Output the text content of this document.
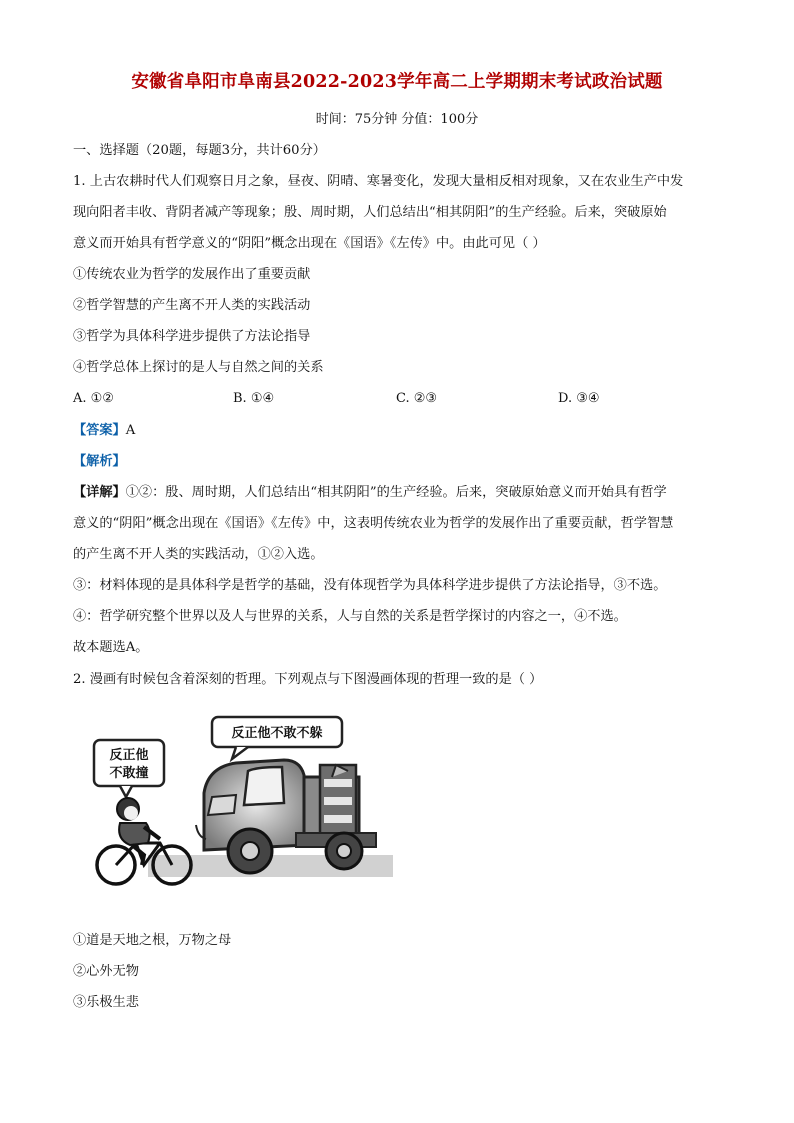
安徽省阜阳市阜南县2022-2023学年高二上学期期末考试政治试题
时间：75分钟 分值：100分
一、选择题（20题，每题3分，共计60分）
1. 上古农耕时代人们观察日月之象，昼夜、阴晴、寒暑变化，发现大量相反相对现象，又在农业生产中发
现向阳者丰收、背阴者减产等现象；殷、周时期，人们总结出“相其阴阳”的生产经验。后来，突破原始
意义而开始具有哲学意义的“阴阳”概念出现在《国语》《左传》中。由此可见（ ）
①传统农业为哲学的发展作出了重要贡献
②哲学智慧的产生离不开人类的实践活动
③哲学为具体科学进步提供了方法论指导
④哲学总体上探讨的是人与自然之间的关系
A. ①②	B. ①④	C. ②③	D. ③④
【答案】A
【解析】
【详解】①②：殷、周时期，人们总结出“相其阴阳”的生产经验。后来，突破原始意义而开始具有哲学
意义的“阴阳”概念出现在《国语》《左传》中，这表明传统农业为哲学的发展作出了重要贡献，哲学智慧
的产生离不开人类的实践活动，①②入选。
③：材料体现的是具体科学是哲学的基础，没有体现哲学为具体科学进步提供了方法论指导，③不选。
④：哲学研究整个世界以及人与世界的关系，人与自然的关系是哲学探讨的内容之一，④不选。
故本题选A。
2. 漫画有时候包含着深刻的哲理。下列观点与下图漫画体现的哲理一致的是（ ）
反正他
不敢撞
反正他不敢不躲
①道是天地之根，万物之母
②心外无物
③乐极生悲
